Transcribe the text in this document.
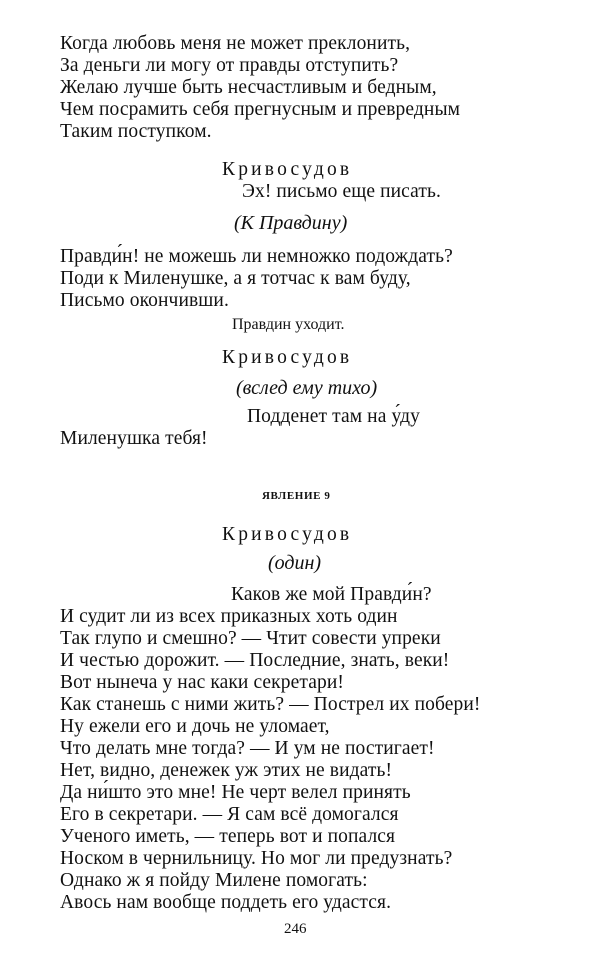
Когда любовь меня не может преклонить,
За деньги ли могу от правды отступить?
Желаю лучше быть несчастливым и бедным,
Чем посрамить себя прегнусным и превредным
Таким поступком.
Кривосудов
Эх! письмо еще писать.
(К Правдину)
Правди́н! не можешь ли немножко подождать?
Поди к Миленушке, а я тотчас к вам буду,
Письмо окончивши.
Правдин уходит.
Кривосудов
(вслед ему тихо)
Подденет там на у́ду
Миленушка тебя!
ЯВЛЕНИЕ 9
Кривосудов
(один)
Каков же мой Правди́н?
И судит ли из всех приказных хоть один
Так глупо и смешно? — Чтит совести упреки
И честью дорожит. — Последние, знать, веки!
Вот нынеча у нас каки секретари!
Как станешь с ними жить? — Пострел их побери!
Ну ежели его и дочь не уломает,
Что делать мне тогда? — И ум не постигает!
Нет, видно, денежек уж этих не видать!
Да ни́што это мне! Не черт велел принять
Его в секретари. — Я сам всё домогался
Ученого иметь, — теперь вот и попался
Носком в чернильницу. Но мог ли предузнать?
Однако ж я пойду Милене помогать:
Авось нам вообще поддеть его удастся.
246
